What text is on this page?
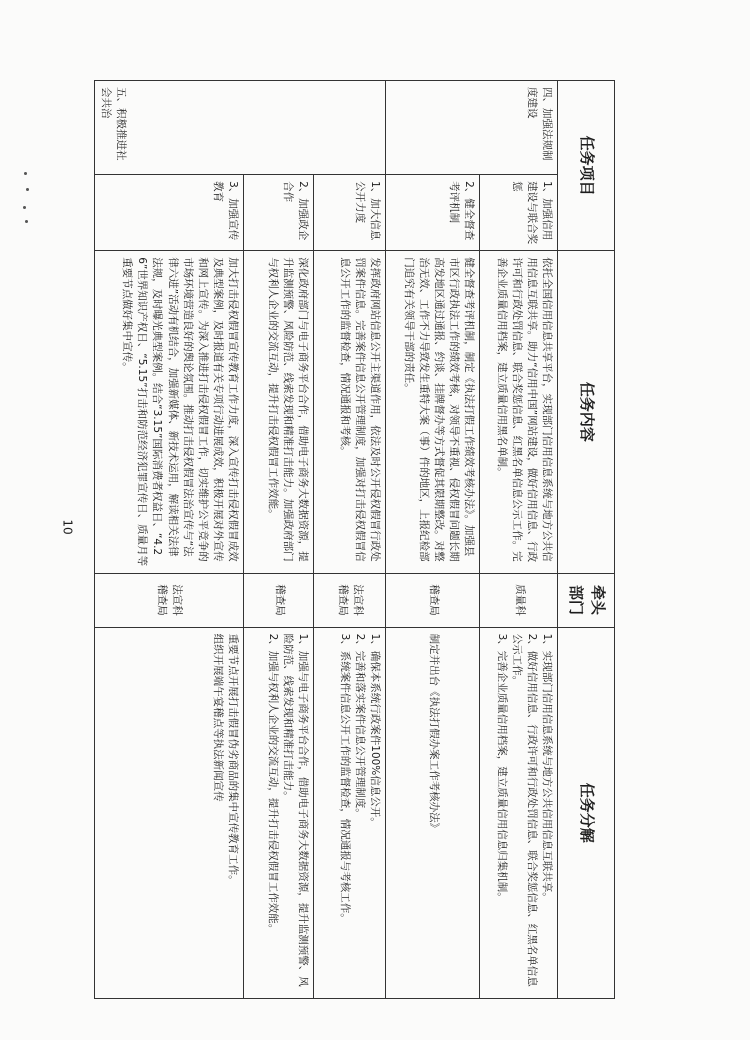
10
任务项目		任务内容	牵头部门	任务分解
四、加强法规制度建设	1、加强信用建设与联合奖惩	依托全国信用信息共享平台，实现部门信用信息系统与地方公共信用信息互联共享。助力“信用中国”网站建设，做好信用信息、行政许可和行政处罚信息、联合奖惩信息、红黑名单信息公示工作。完善企业质量信用档案，建立质量信用黑名单制。	质量科	1、实现部门信用信息系统与地方公共信用信息互联共享。
2、做好信用信息、行政许可和行政处罚信息、联合奖惩信息、红黑名单信息公示工作。
3、完善企业质量信用档案，建立质量信用信息归集机制。
	2、健全督查考评机制	健全督查考评机制，制定《执法打假工作绩效考核办法》。加强县市区行政执法工作的绩效考核，对领导不重视、侵权假冒问题长期高发地区通过通报、约谈、挂牌督办等方式督促其限期整改。对整治无效、工作不力导致发生重特大案（事）件的地区，上报纪检部门追究有关领导干部的责任。	稽查局	制定并出台《执法打假办案工作考核办法》
五、积极推进社会共治	1、加大信息公开力度	发挥政府网站信息公开主渠道作用，依法及时公开侵权假冒行政处罚案件信息。完善案件信息公开管理制度，加强对打击侵权假冒信息公开工作的监督检查，情况通报和考核。	法宣科
稽查局	1、确保本系统行政案件100%信息公开。
2、完善和落实案件信息公开管理制度。
3、系统案件信息公开工作的监督检查，情况通报与考核工作。
	2、加强政企合作	深化政府部门与电子商务平台合作，借助电子商务大数据资源，提升监测预警、风险防范、线索发现和精准打击能力。加强政府部门与权利人企业的交流互动，提升打击侵权假冒工作效能。	稽查局	1、加强与电子商务平台合作，借助电子商务大数据资源，提升监测预警、风险防范、线索发现和精准打击能力。
2、加强与权利人企业的交流互动，提升打击侵权假冒工作效能。
	3、加强宣传教育	加大打击侵权假冒宣传教育工作力度，深入宣传打击侵权假冒成效及典型案例，及时报道有关专项行动进展成效，积极开展对外宣传和网上宣传。为深入推进打击侵权假冒工作，切实维护公平竞争的市场环境营造良好的舆论氛围。推动打击侵权假冒法治宣传与“法律六进”活动有机结合，加强新媒体、新技术运用，解读相关法律法规，及时曝光典型案例。结合“3.15”国际消费者权益日、“4.26”世界知识产权日、“5.15”打击和防范经济犯罪宣传日、质量月等重要节点做好集中宣传。	法宣科
稽查局	重要节点开展打击假冒伪劣商品的集中宣传教育工作。
组织开展端午宴稽点等执法新闻宣传
